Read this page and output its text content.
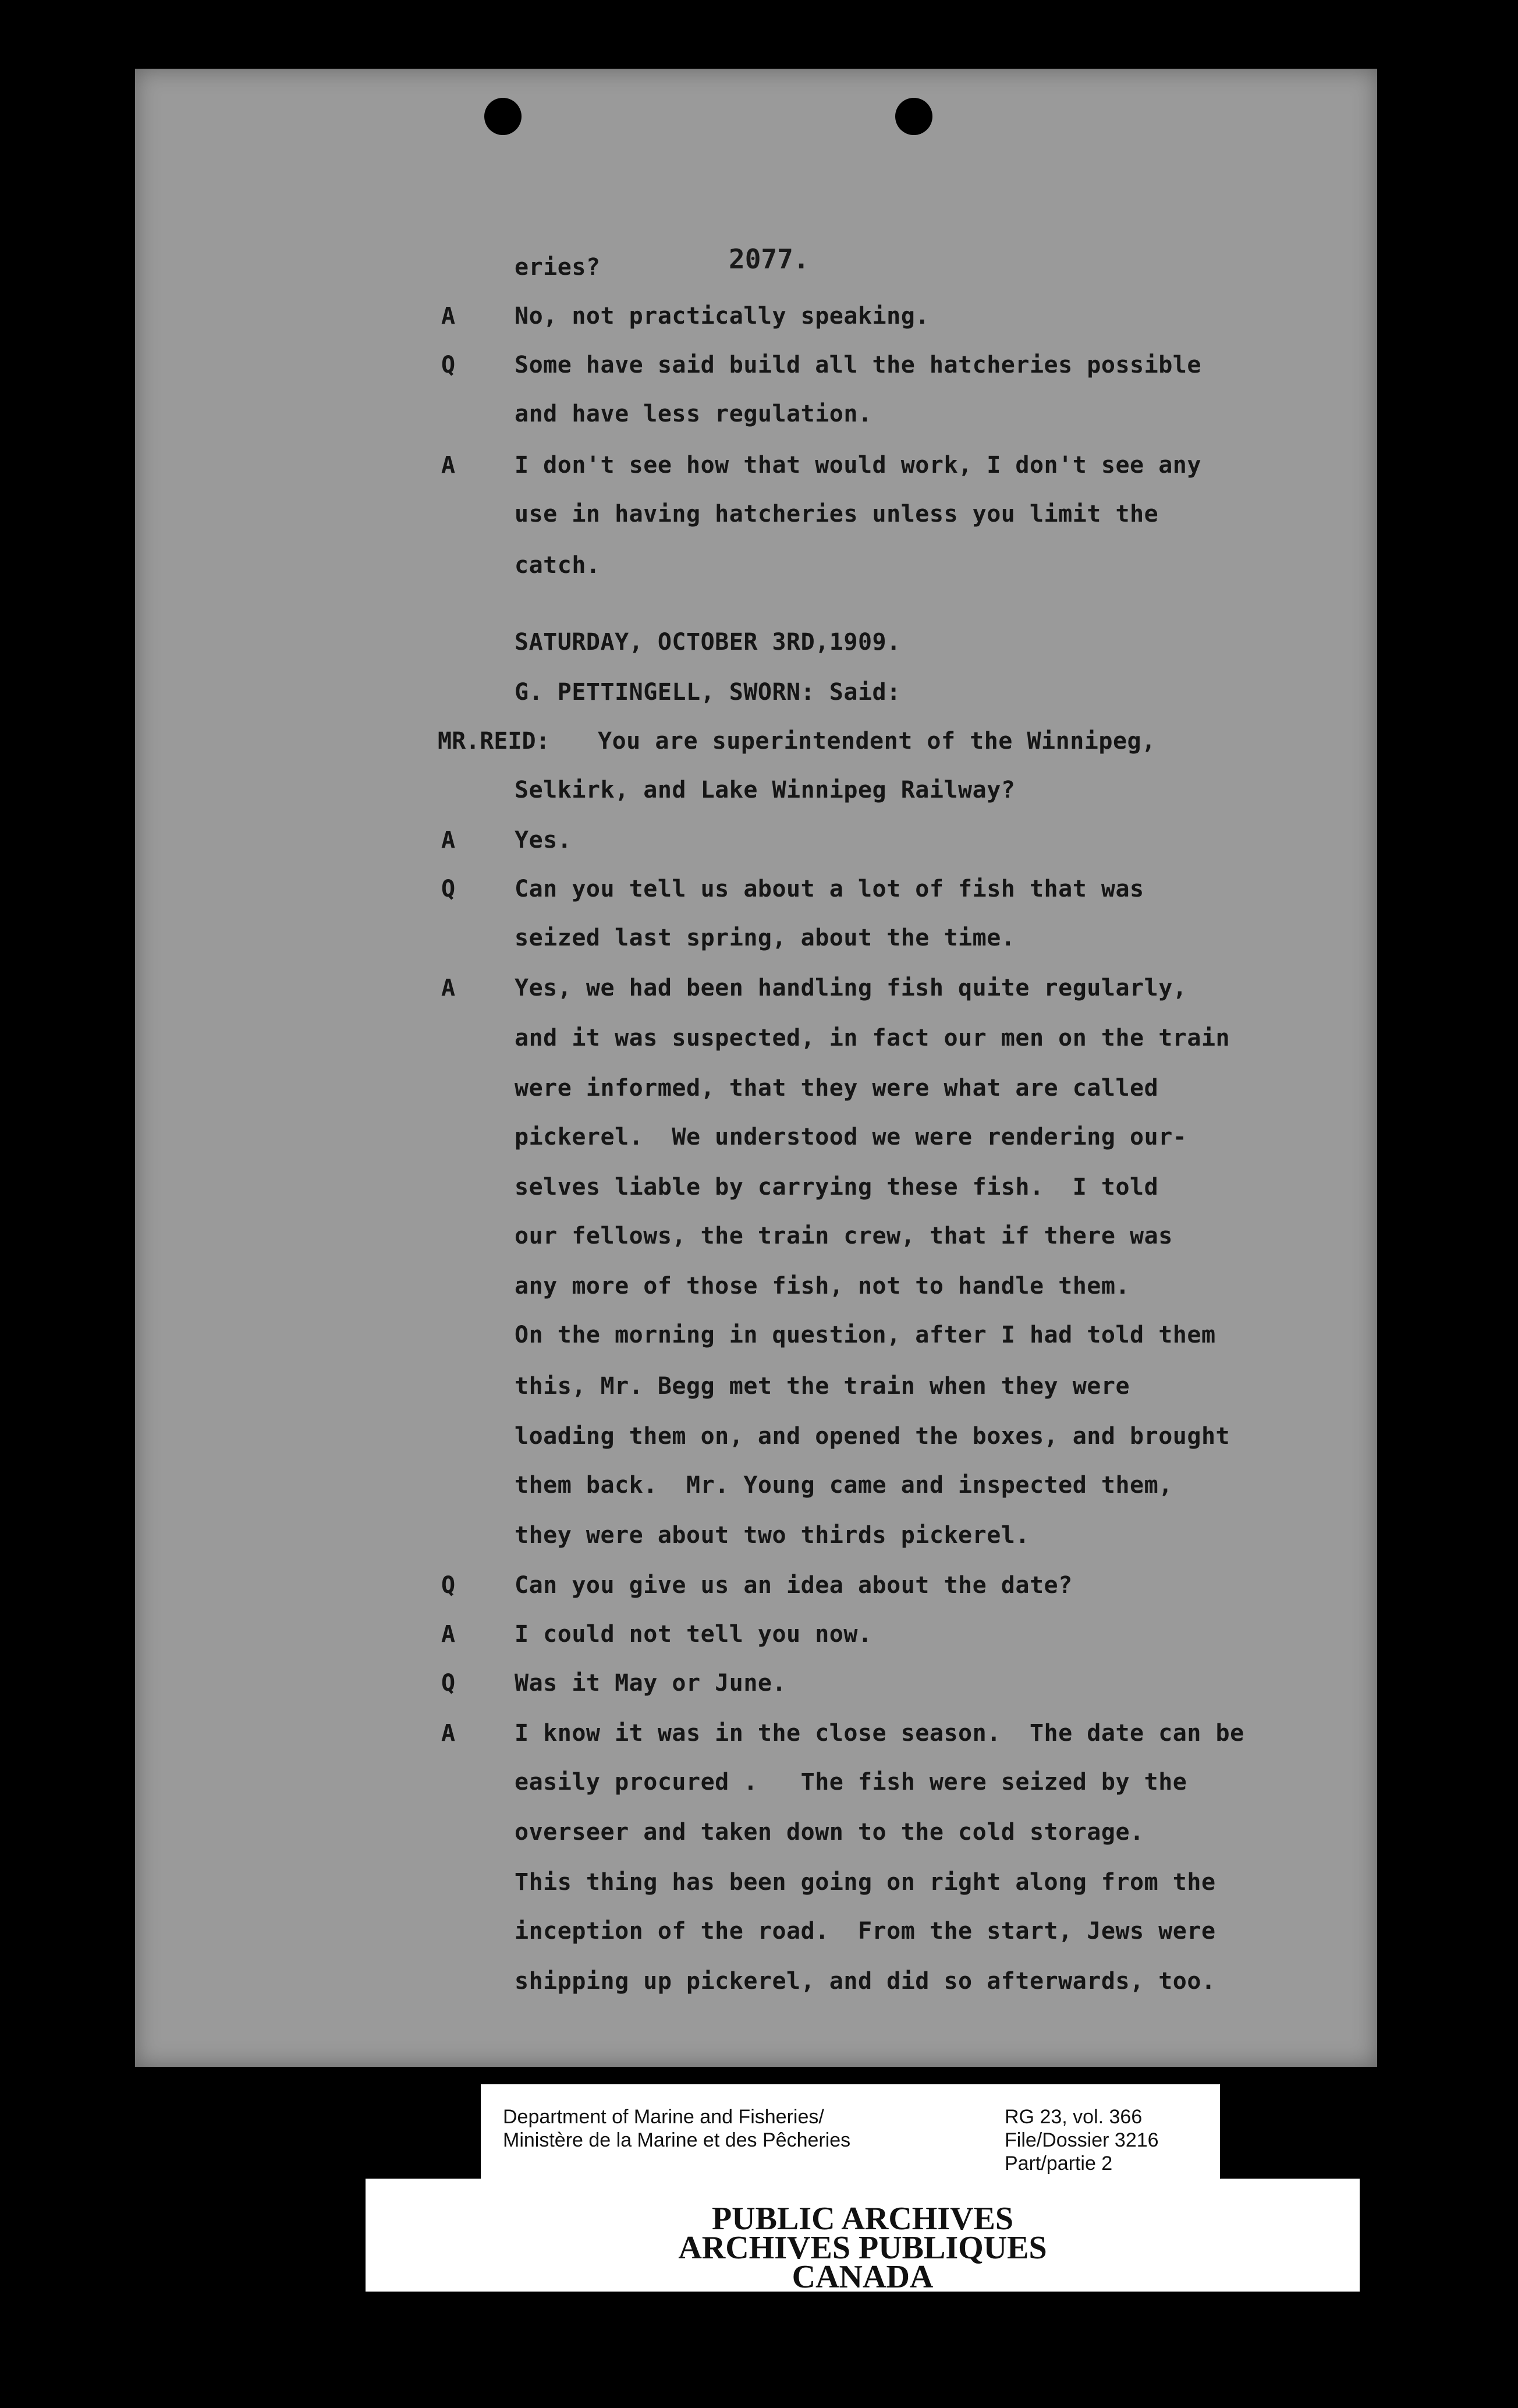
2077.
eries?
A	No, not practically speaking.
Q	Some have said build all the hatcheries possible
and have less regulation.
A	I don't see how that would work, I don't see any
use in having hatcheries unless you limit the
catch.
SATURDAY, OCTOBER 3RD,1909.
G. PETTINGELL, SWORN: Said:
MR.REID: You are superintendent of the Winnipeg,
Selkirk, and Lake Winnipeg Railway?
A	Yes.
Q	Can you tell us about a lot of fish that was
seized last spring, about the time.
A	Yes, we had been handling fish quite regularly,
and it was suspected, in fact our men on the train
were informed, that they were what are called
pickerel.  We understood we were rendering our-
selves liable by carrying these fish.  I told
our fellows, the train crew, that if there was
any more of those fish, not to handle them.
On the morning in question, after I had told them
this, Mr. Begg met the train when they were
loading them on, and opened the boxes, and brought
them back.  Mr. Young came and inspected them,
they were about two thirds pickerel.
Q	Can you give us an idea about the date?
A	I could not tell you now.
Q	Was it May or June.
A	I know it was in the close season.  The date can be
easily procured .   The fish were seized by the
overseer and taken down to the cold storage.
This thing has been going on right along from the
inception of the road.  From the start, Jews were
shipping up pickerel, and did so afterwards, too.
Department of Marine and Fisheries/
Ministère de la Marine et des Pêcheries
RG 23, vol. 366
File/Dossier 3216
Part/partie 2
PUBLIC ARCHIVES
ARCHIVES PUBLIQUES
CANADA
